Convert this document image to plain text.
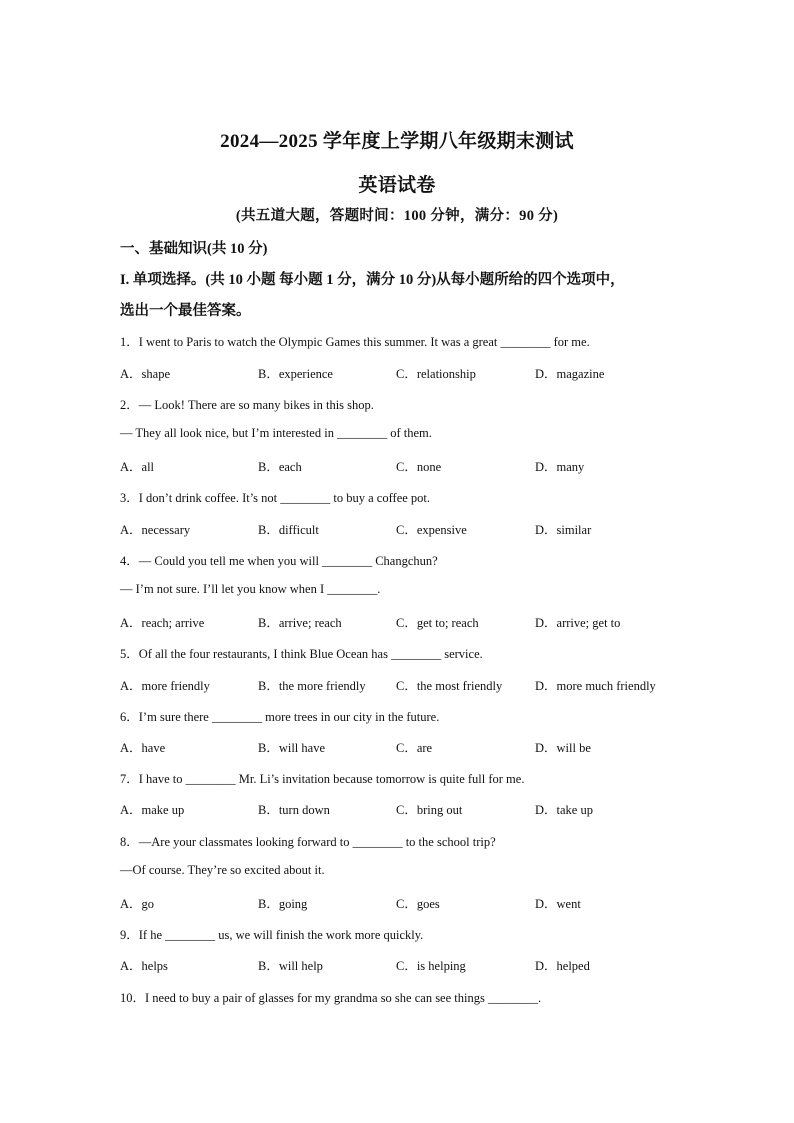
2024—2025 学年度上学期八年级期末测试
英语试卷
(共五道大题，答题时间：100 分钟，满分：90 分)
一、基础知识(共 10 分)
I. 单项选择。(共 10 小题 每小题 1 分，满分 10 分)从每小题所给的四个选项中，
选出一个最佳答案。
1．I went to Paris to watch the Olympic Games this summer. It was a great ________ for me.
A．shape	B．experience	C．relationship	D．magazine
2．— Look! There are so many bikes in this shop.
— They all look nice, but I’m interested in ________ of them.
A．all	B．each	C．none	D．many
3．I don’t drink coffee. It’s not ________ to buy a coffee pot.
A．necessary	B．difficult	C．expensive	D．similar
4．— Could you tell me when you will ________ Changchun?
— I’m not sure. I’ll let you know when I ________.
A．reach; arrive	B．arrive; reach	C．get to; reach	D．arrive; get to
5．Of all the four restaurants, I think Blue Ocean has ________ service.
A．more friendly	B．the more friendly C．the most friendly	D．more much friendly
6．I’m sure there ________ more trees in our city in the future.
A．have	B．will have	C．are	D．will be
7．I have to ________ Mr. Li’s invitation because tomorrow is quite full for me.
A．make up	B．turn down	C．bring out	D．take up
8．—Are your classmates looking forward to ________ to the school trip?
—Of course. They’re so excited about it.
A．go	B．going	C．goes	D．went
9．If he ________ us, we will finish the work more quickly.
A．helps	B．will help	C．is helping	D．helped
10．I need to buy a pair of glasses for my grandma so she can see things ________.
